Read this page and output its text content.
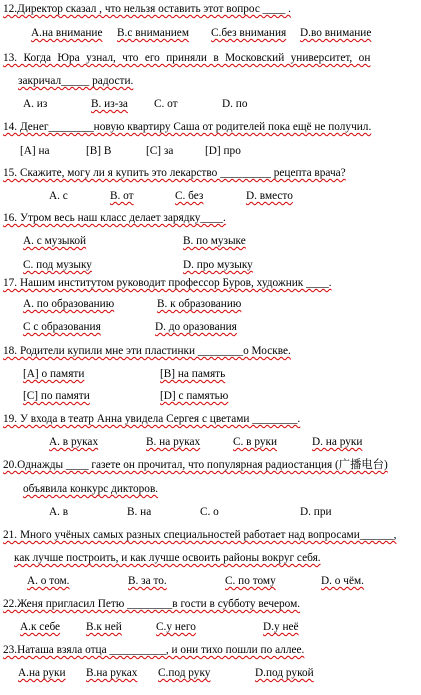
12.Директор сказал , что нельзя оставить этот вопрос ____ .
A.на внимание B.с вниманием C.без внимания D.во внимание
13. Когда Юра узнал, что его приняли в Московский университет, он
закричал_____ радости.
A. из	B. из-за C. от	D. по
14. Денег________новую квартиру Саша от родителей пока ещё не получил.
[A] на	[B] В	[C] за	[D] про
15. Скажите, могу ли я купить это лекарство _________ рецепта врача?
A. с	B. от	C. без	D. вместо
16. Утром весь наш класс делает зарядку____.
A. с музыкой	B. по музыке
C. под музыку	D. про музыку
17. Нашим институтом руководит профессор Буров, художник ____.
A. по образованию	B. к образованию
C с образования	D. до оразования
18. Родители купили мне эти пластинки ________о Москве.
[A] о памяти	[B] на память
[C] по памяти	[D] с памятью
19. У входа в театр Анна увидела Сергея с цветами ________.
A. в руках	B. на руках	C. в руки	D. на руки
20.Однажды ____ газете он прочитал, что популярная радиостанция (广播电台)
объявила конкурс дикторов.
A. в	B. на	C. о	D. при
21. Много учёных самых разных специальностей работает над вопросами______,
как лучше построить, и как лучше освоить районы вокруг себя.
A. о том.	B. за то.	C. по тому	D. о чём.
22.Женя пригласил Петю ________в гости в субботу вечером.
A.к себе B.к ней	C.у него	D.у неё
23.Наташа взяла отца __________, и они тихо пошли по аллее.
A.на руки B.на руках C.под руку	D.под рукой
